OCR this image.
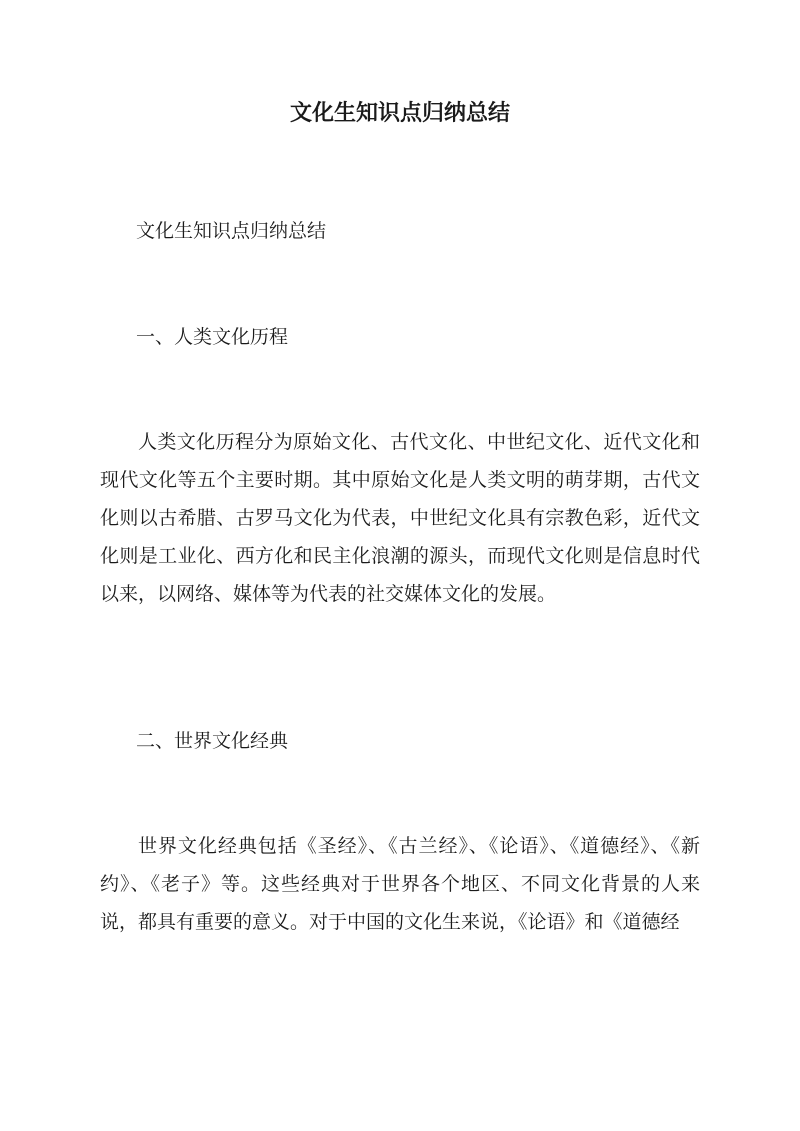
文化生知识点归纳总结

文化生知识点归纳总结

一、人类文化历程

人类文化历程分为原始文化、古代文化、中世纪文化、近代文化和现代文化等五个主要时期。其中原始文化是人类文明的萌芽期，古代文化则以古希腊、古罗马文化为代表，中世纪文化具有宗教色彩，近代文化则是工业化、西方化和民主化浪潮的源头，而现代文化则是信息时代以来，以网络、媒体等为代表的社交媒体文化的发展。

二、世界文化经典

世界文化经典包括《圣经》、《古兰经》、《论语》、《道德经》、《新约》、《老子》等。这些经典对于世界各个地区、不同文化背景的人来说，都具有重要的意义。对于中国的文化生来说，《论语》和《道德经
